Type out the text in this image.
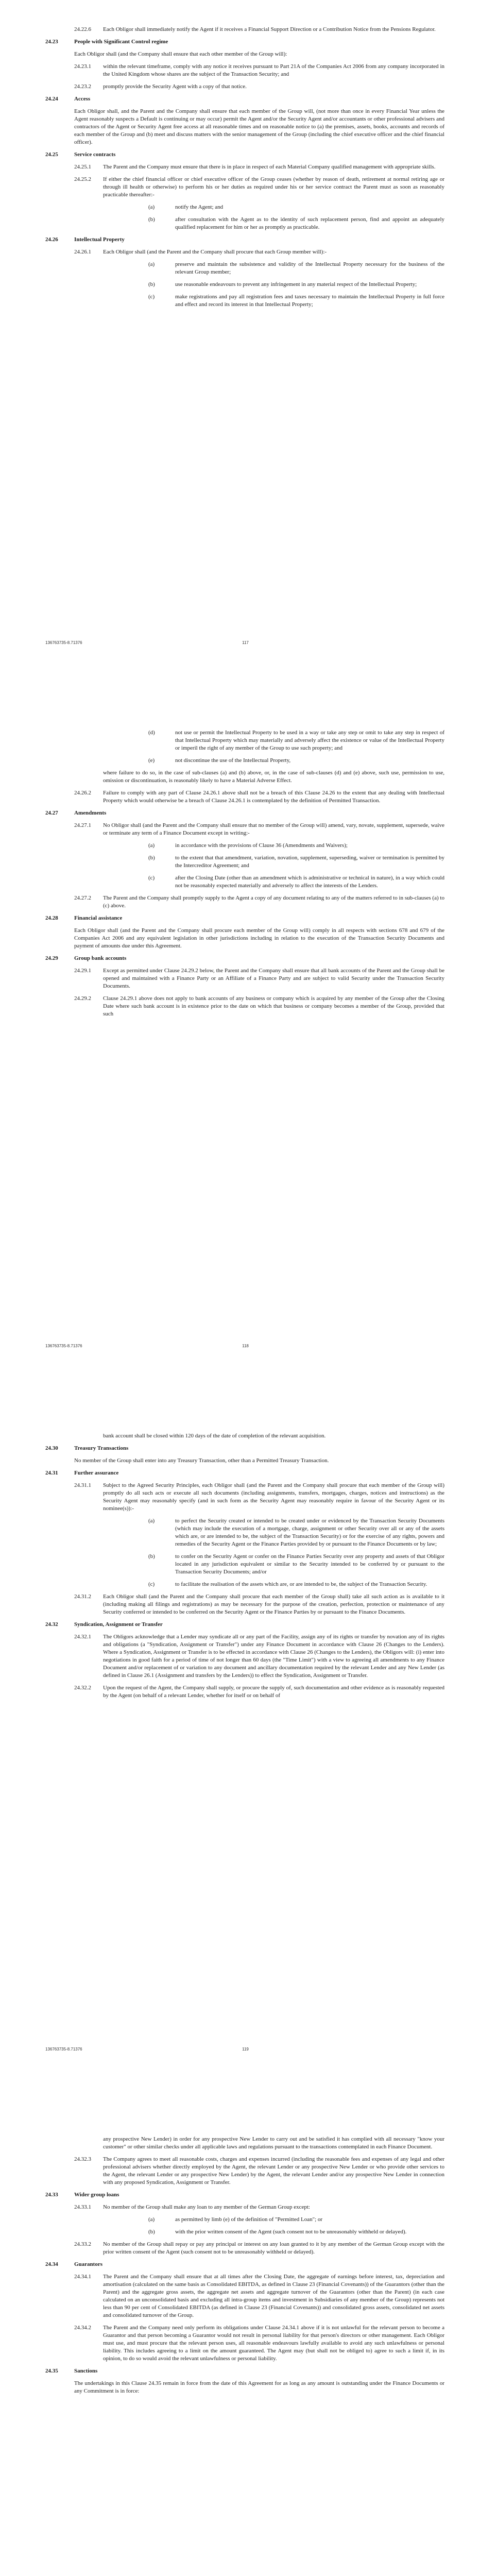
24.22.6	Each Obligor shall immediately notify the Agent if it receives a Financial Support Direction or a Contribution Notice from the Pensions Regulator.
24.23	People with Significant Control regime
Each Obligor shall (and the Company shall ensure that each other member of the Group will):
24.23.1	within the relevant timeframe, comply with any notice it receives pursuant to Part 21A of the Companies Act 2006 from any company incorporated in the United Kingdom whose shares are the subject of the Transaction Security; and
24.23.2	promptly provide the Security Agent with a copy of that notice.
24.24	Access
Each Obligor shall, and the Parent and the Company shall ensure that each member of the Group will, (not more than once in every Financial Year unless the Agent reasonably suspects a Default is continuing or may occur) permit the Agent and/or the Security Agent and/or accountants or other professional advisers and contractors of the Agent or Security Agent free access at all reasonable times and on reasonable notice to (a) the premises, assets, books, accounts and records of each member of the Group and (b) meet and discuss matters with the senior management of the Group (including the chief executive officer and the chief financial officer).
24.25	Service contracts
24.25.1	The Parent and the Company must ensure that there is in place in respect of each Material Company qualified management with appropriate skills.
24.25.2	If either the chief financial officer or chief executive officer of the Group ceases (whether by reason of death, retirement at normal retiring age or through ill health or otherwise) to perform his or her duties as required under his or her service contract the Parent must as soon as reasonably practicable thereafter:-
(a)	notify the Agent; and
(b)	after consultation with the Agent as to the identity of such replacement person, find and appoint an adequately qualified replacement for him or her as promptly as practicable.
24.26	Intellectual Property
24.26.1	Each Obligor shall (and the Parent and the Company shall procure that each Group member will):-
(a)	preserve and maintain the subsistence and validity of the Intellectual Property necessary for the business of the relevant Group member;
(b)	use reasonable endeavours to prevent any infringement in any material respect of the Intellectual Property;
(c)	make registrations and pay all registration fees and taxes necessary to maintain the Intellectual Property in full force and effect and record its interest in that Intellectual Property;
136763735-8.71376	117
(d)	not use or permit the Intellectual Property to be used in a way or take any step or omit to take any step in respect of that Intellectual Property which may materially and adversely affect the existence or value of the Intellectual Property or imperil the right of any member of the Group to use such property; and
(e)	not discontinue the use of the Intellectual Property,
where failure to do so, in the case of sub-clauses (a) and (b) above, or, in the case of sub-clauses (d) and (e) above, such use, permission to use, omission or discontinuation, is reasonably likely to have a Material Adverse Effect.
24.26.2	Failure to comply with any part of Clause 24.26.1 above shall not be a breach of this Clause 24.26 to the extent that any dealing with Intellectual Property which would otherwise be a breach of Clause 24.26.1 is contemplated by the definition of Permitted Transaction.
24.27	Amendments
24.27.1	No Obligor shall (and the Parent and the Company shall ensure that no member of the Group will) amend, vary, novate, supplement, supersede, waive or terminate any term of a Finance Document except in writing:-
(a)	in accordance with the provisions of Clause 36 (Amendments and Waivers);
(b)	to the extent that that amendment, variation, novation, supplement, superseding, waiver or termination is permitted by the Intercreditor Agreement; and
(c)	after the Closing Date (other than an amendment which is administrative or technical in nature), in a way which could not be reasonably expected materially and adversely to affect the interests of the Lenders.
24.27.2	The Parent and the Company shall promptly supply to the Agent a copy of any document relating to any of the matters referred to in sub-clauses (a) to (c) above.
24.28	Financial assistance
Each Obligor shall (and the Parent and the Company shall procure each member of the Group will) comply in all respects with sections 678 and 679 of the Companies Act 2006 and any equivalent legislation in other jurisdictions including in relation to the execution of the Transaction Security Documents and payment of amounts due under this Agreement.
24.29	Group bank accounts
24.29.1	Except as permitted under Clause 24.29.2 below, the Parent and the Company shall ensure that all bank accounts of the Parent and the Group shall be opened and maintained with a Finance Party or an Affiliate of a Finance Party and are subject to valid Security under the Transaction Security Documents.
24.29.2	Clause 24.29.1 above does not apply to bank accounts of any business or company which is acquired by any member of the Group after the Closing Date where such bank account is in existence prior to the date on which that business or company becomes a member of the Group, provided that such
136763735-8.71376	118
bank account shall be closed within 120 days of the date of completion of the relevant acquisition.
24.30	Treasury Transactions
No member of the Group shall enter into any Treasury Transaction, other than a Permitted Treasury Transaction.
24.31	Further assurance
24.31.1	Subject to the Agreed Security Principles, each Obligor shall (and the Parent and the Company shall procure that each member of the Group will) promptly do all such acts or execute all such documents (including assignments, transfers, mortgages, charges, notices and instructions) as the Security Agent may reasonably specify (and in such form as the Security Agent may reasonably require in favour of the Security Agent or its nominee(s)):-
(a)	to perfect the Security created or intended to be created under or evidenced by the Transaction Security Documents (which may include the execution of a mortgage, charge, assignment or other Security over all or any of the assets which are, or are intended to be, the subject of the Transaction Security) or for the exercise of any rights, powers and remedies of the Security Agent or the Finance Parties provided by or pursuant to the Finance Documents or by law;
(b)	to confer on the Security Agent or confer on the Finance Parties Security over any property and assets of that Obligor located in any jurisdiction equivalent or similar to the Security intended to be conferred by or pursuant to the Transaction Security Documents; and/or
(c)	to facilitate the realisation of the assets which are, or are intended to be, the subject of the Transaction Security.
24.31.2	Each Obligor shall (and the Parent and the Company shall procure that each member of the Group shall) take all such action as is available to it (including making all filings and registrations) as may be necessary for the purpose of the creation, perfection, protection or maintenance of any Security conferred or intended to be conferred on the Security Agent or the Finance Parties by or pursuant to the Finance Documents.
24.32	Syndication, Assignment or Transfer
24.32.1	The Obligors acknowledge that a Lender may syndicate all or any part of the Facility, assign any of its rights or transfer by novation any of its rights and obligations (a "Syndication, Assignment or Transfer") under any Finance Document in accordance with Clause 26 (Changes to the Lenders). Where a Syndication, Assignment or Transfer is to be effected in accordance with Clause 26 (Changes to the Lenders), the Obligors will: (i) enter into negotiations in good faith for a period of time of not longer than 60 days (the "Time Limit") with a view to agreeing all amendments to any Finance Document and/or replacement of or variation to any document and ancillary documentation required by the relevant Lender and any New Lender (as defined in Clause 26.1 (Assignment and transfers by the Lenders)) to effect the Syndication, Assignment or Transfer.
24.32.2	Upon the request of the Agent, the Company shall supply, or procure the supply of, such documentation and other evidence as is reasonably requested by the Agent (on behalf of a relevant Lender, whether for itself or on behalf of
136763735-8.71376	119
any prospective New Lender) in order for any prospective New Lender to carry out and be satisfied it has complied with all necessary "know your customer" or other similar checks under all applicable laws and regulations pursuant to the transactions contemplated in each Finance Document.
24.32.3	The Company agrees to meet all reasonable costs, charges and expenses incurred (including the reasonable fees and expenses of any legal and other professional advisers whether directly employed by the Agent, the relevant Lender or any prospective New Lender or who provide other services to the Agent, the relevant Lender or any prospective New Lender) by the Agent, the relevant Lender and/or any prospective New Lender in connection with any proposed Syndication, Assignment or Transfer.
24.33	Wider group loans
24.33.1	No member of the Group shall make any loan to any member of the German Group except:
(a)	as permitted by limb (e) of the definition of "Permitted Loan"; or
(b)	with the prior written consent of the Agent (such consent not to be unreasonably withheld or delayed).
24.33.2	No member of the Group shall repay or pay any principal or interest on any loan granted to it by any member of the German Group except with the prior written consent of the Agent (such consent not to be unreasonably withheld or delayed).
24.34	Guarantors
24.34.1	The Parent and the Company shall ensure that at all times after the Closing Date, the aggregate of earnings before interest, tax, depreciation and amortisation (calculated on the same basis as Consolidated EBITDA, as defined in Clause 23 (Financial Covenants)) of the Guarantors (other than the Parent) and the aggregate gross assets, the aggregate net assets and aggregate turnover of the Guarantors (other than the Parent) (in each case calculated on an unconsolidated basis and excluding all intra-group items and investment in Subsidiaries of any member of the Group) represents not less than 90 per cent of Consolidated EBITDA (as defined in Clause 23 (Financial Covenants)) and consolidated gross assets, consolidated net assets and consolidated turnover of the Group.
24.34.2	The Parent and the Company need only perform its obligations under Clause 24.34.1 above if it is not unlawful for the relevant person to become a Guarantor and that person becoming a Guarantor would not result in personal liability for that person's directors or other management. Each Obligor must use, and must procure that the relevant person uses, all reasonable endeavours lawfully available to avoid any such unlawfulness or personal liability. This includes agreeing to a limit on the amount guaranteed. The Agent may (but shall not be obliged to) agree to such a limit if, in its opinion, to do so would avoid the relevant unlawfulness or personal liability.
24.35	Sanctions
The undertakings in this Clause 24.35 remain in force from the date of this Agreement for as long as any amount is outstanding under the Finance Documents or any Commitment is in force:
